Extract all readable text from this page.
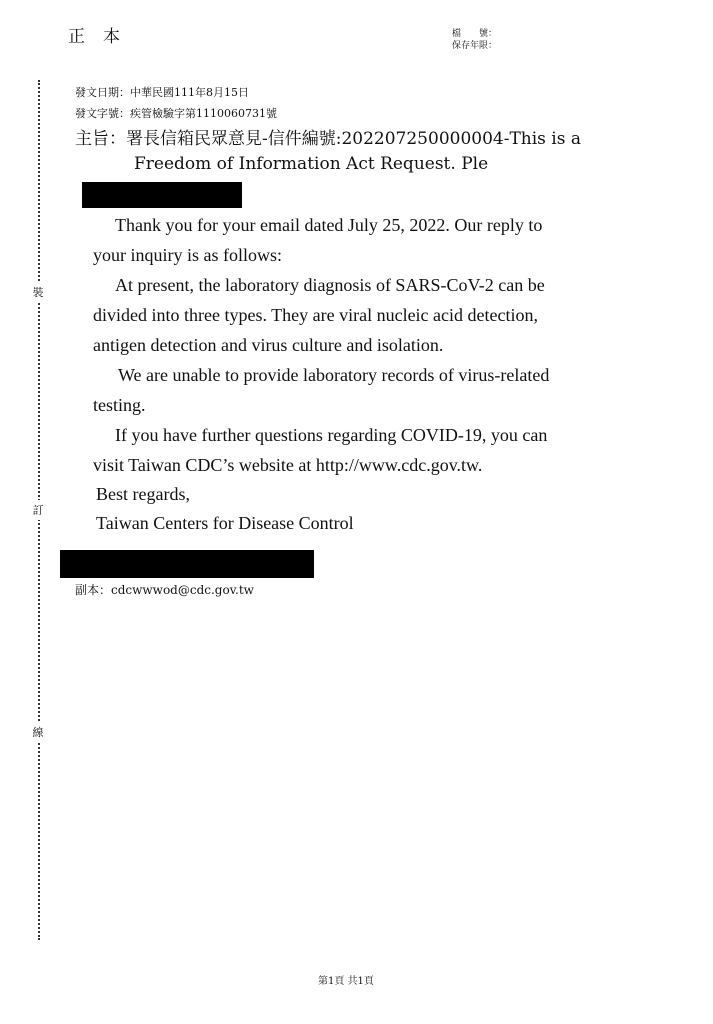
正本	檔　　號：
保存年限：
裝
訂
線
發文日期：中華民國111年8月15日
發文字號：疾管檢驗字第1110060731號
主旨：署長信箱民眾意見-信件編號:202207250000004-This is a
Freedom of Information Act Request. Ple
Thank you for your email dated July 25, 2022. Our reply to
your inquiry is as follows:
At present, the laboratory diagnosis of SARS-CoV-2 can be
divided into three types. They are viral nucleic acid detection,
antigen detection and virus culture and isolation.
We are unable to provide laboratory records of virus-related
testing.
If you have further questions regarding COVID-19, you can
visit Taiwan CDC’s website at http://www.cdc.gov.tw.
Best regards,
Taiwan Centers for Disease Control
副本：cdcwwwod@cdc.gov.tw
第1頁 共1頁
